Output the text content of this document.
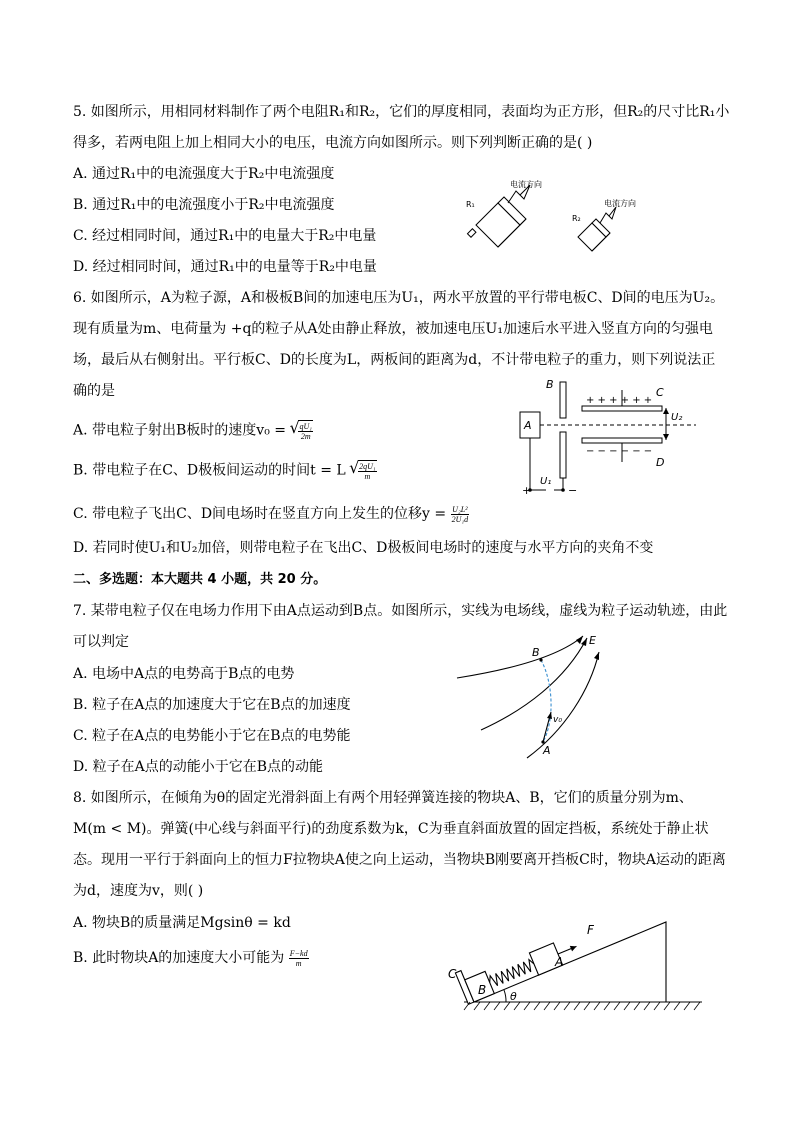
5. 如图所示，用相同材料制作了两个电阻R₁和R₂，它们的厚度相同，表面均为正方形，但R₂的尺寸比R₁小
得多，若两电阻上加上相同大小的电压，电流方向如图所示。则下列判断正确的是( )
A. 通过R₁中的电流强度大于R₂中电流强度
B. 通过R₁中的电流强度小于R₂中电流强度
C. 经过相同时间，通过R₁中的电量大于R₂中电量
D. 经过相同时间，通过R₁中的电量等于R₂中电量
R₁
电流方向
R₂
电流方向
6. 如图所示，A为粒子源，A和极板B间的加速电压为U₁，两水平放置的平行带电板C、D间的电压为U₂。
现有质量为m、电荷量为 +q的粒子从A处由静止释放，被加速电压U₁加速后水平进入竖直方向的匀强电
场，最后从右侧射出。平行板C、D的长度为L，两板间的距离为d，不计带电粒子的重力，则下列说法正
确的是
A. 带电粒子射出B板时的速度v₀ = √ $\frac{\text{qU₁}}{2m}$
B. 带电粒子在C、D极板间运动的时间t = L √ $\frac{\text{2qU₁}}{m}$
C. 带电粒子飞出C、D间电场时在竖直方向上发生的位移$y = \frac{\text{U₂L²}}{\text{2U₁d}}$
D. 若同时使U₁和U₂加倍，则带电粒子在飞出C、D极板间电场时的速度与水平方向的夹角不变
A
B
C
D
+ + + + + +
− − − − − −
U₂
U₁
+	−
二、多选题：本大题共 4 小题，共 20 分。
7. 某带电粒子仅在电场力作用下由A点运动到B点。如图所示，实线为电场线，虚线为粒子运动轨迹，由此
可以判定
A. 电场中A点的电势高于B点的电势
B. 粒子在A点的加速度大于它在B点的加速度
C. 粒子在A点的电势能小于它在B点的电势能
D. 粒子在A点的动能小于它在B点的动能
B
E
A
v₀
8. 如图所示，在倾角为θ的固定光滑斜面上有两个用轻弹簧连接的物块A、B，它们的质量分别为m、
M(m < M)。弹簧(中心线与斜面平行)的劲度系数为k，C为垂直斜面放置的固定挡板，系统处于静止状
态。现用一平行于斜面向上的恒力F拉物块A使之向上运动，当物块B刚要离开挡板C时，物块A运动的距离
为d，速度为v，则( )
A. 物块B的质量满足Mgsinθ = kd
B. 此时物块A的加速度大小可能为 $\frac{F-kd}{m}$
C
B
A
F
θ
